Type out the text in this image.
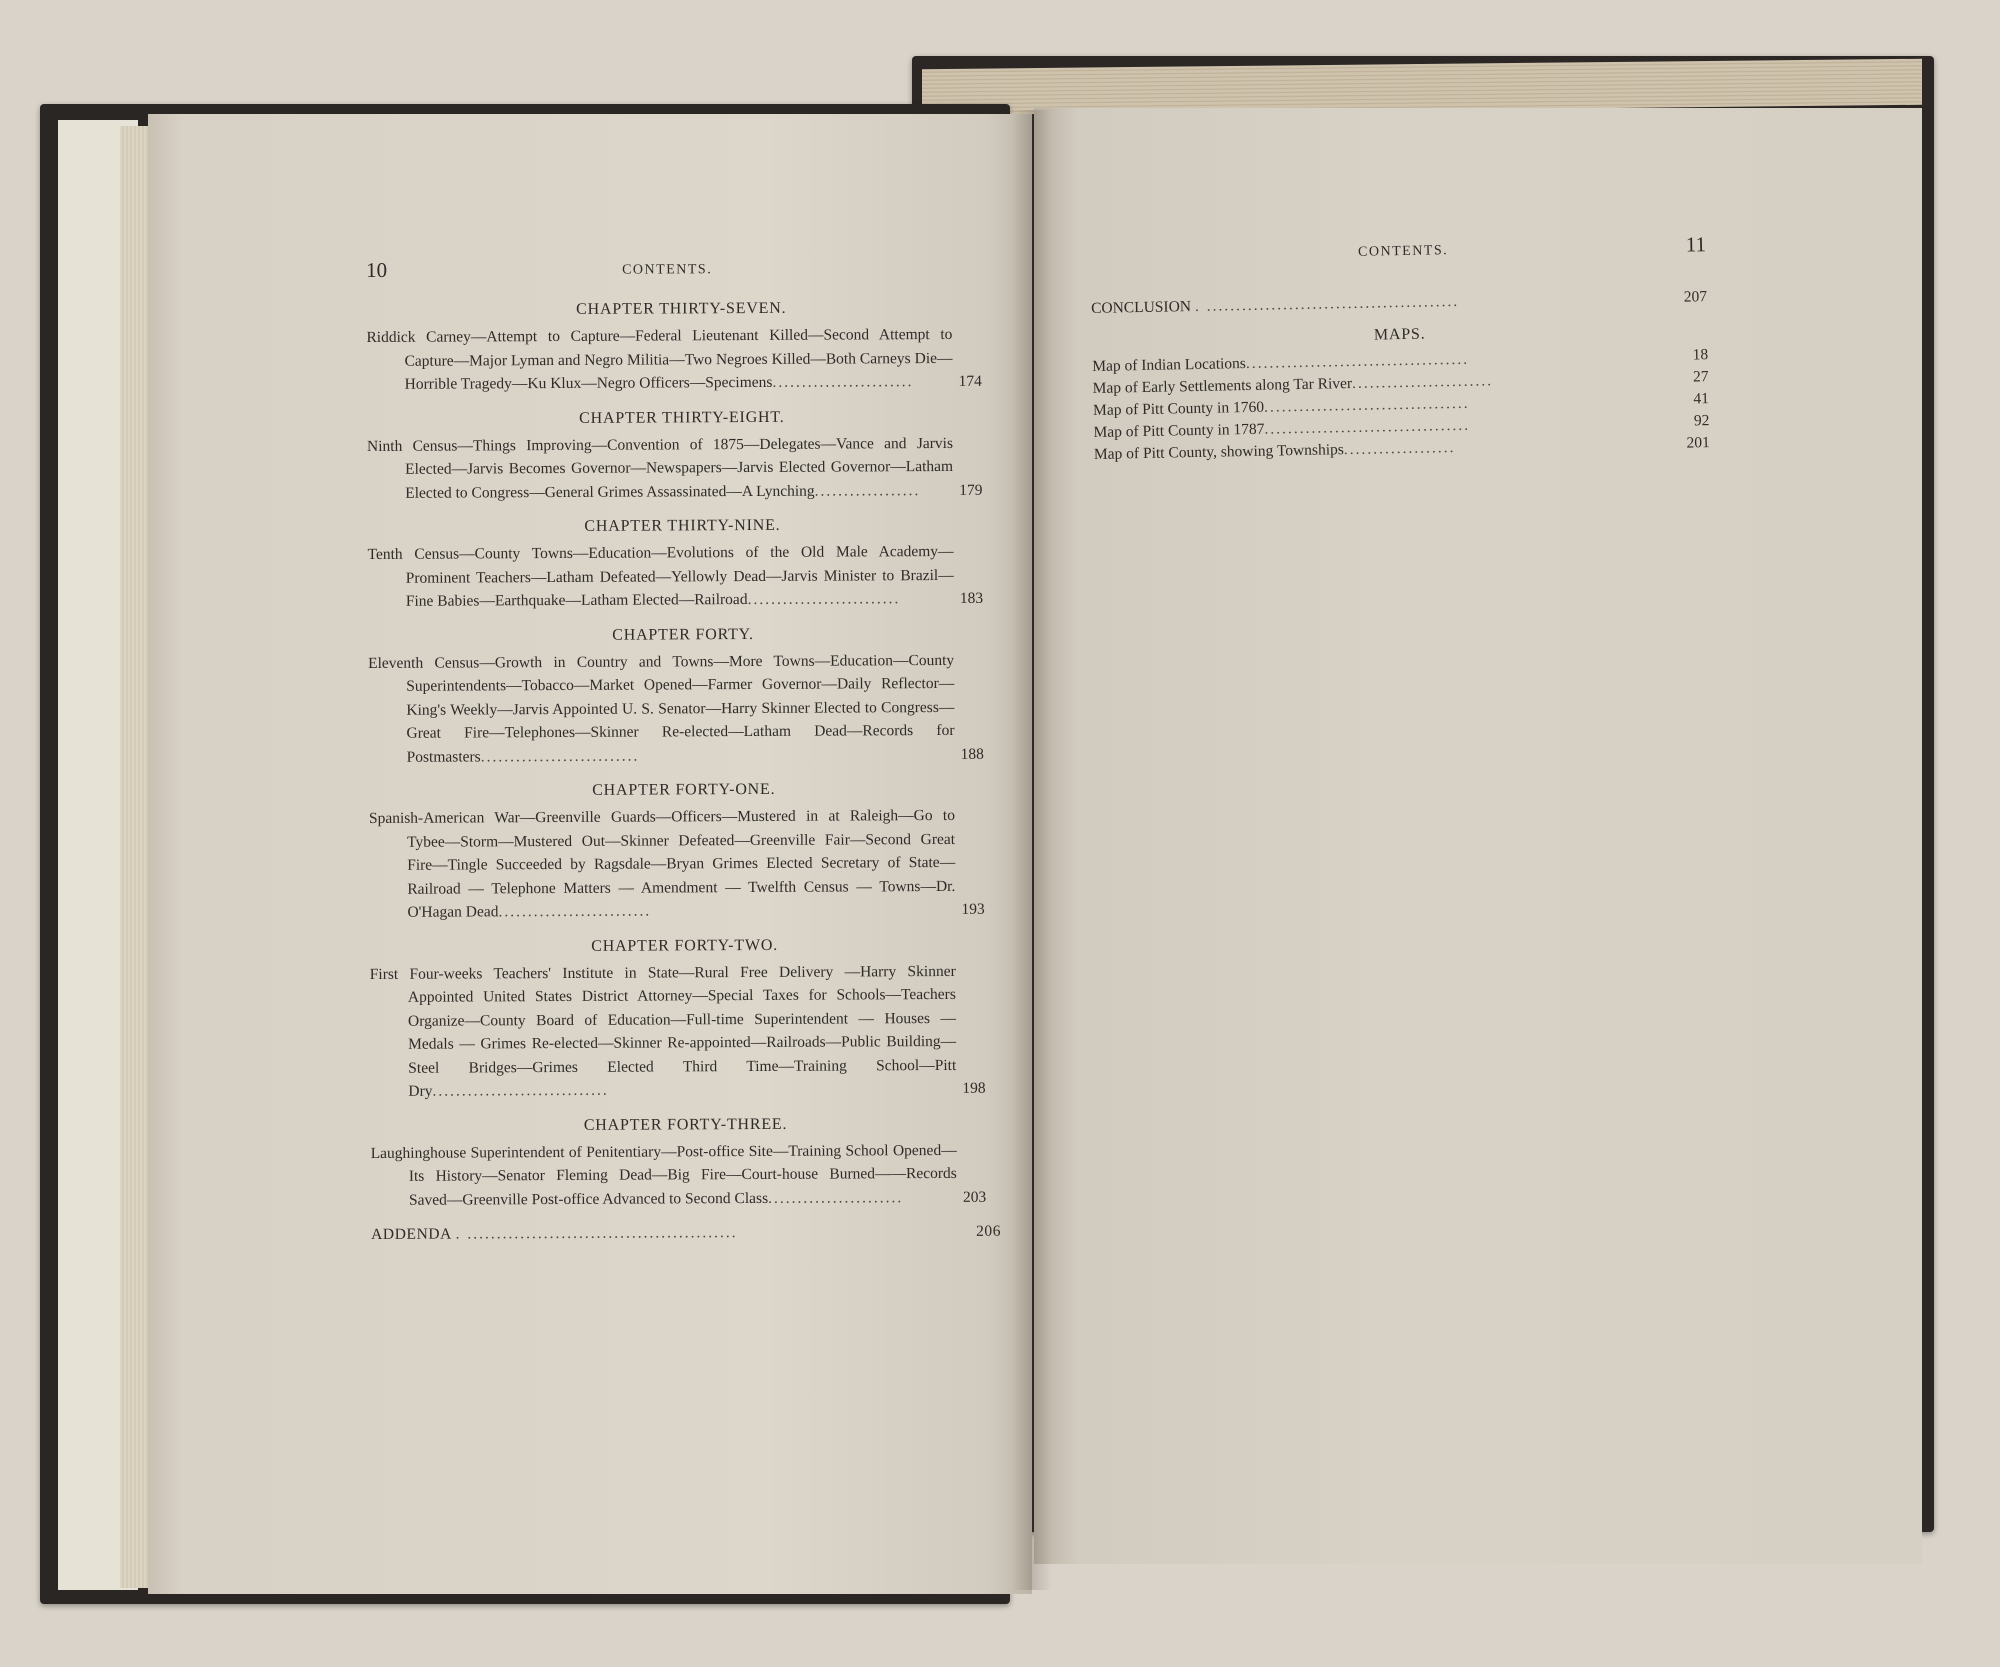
10	CONTENTS.
CHAPTER THIRTY-SEVEN.
Riddick Carney—Attempt to Capture—Federal Lieutenant Killed—Second Attempt to Capture—Major Lyman and Negro Militia—Two Negroes Killed—Both Carneys Die—Horrible Tragedy—Ku Klux—Negro Officers—Specimens........................	174
CHAPTER THIRTY-EIGHT.
Ninth Census—Things Improving—Convention of 1875—Delegates—Vance and Jarvis Elected—Jarvis Becomes Governor—Newspapers—Jarvis Elected Governor—Latham Elected to Congress—General Grimes Assassinated—A Lynching..................	179
CHAPTER THIRTY-NINE.
Tenth Census—County Towns—Education—Evolutions of the Old Male Academy—Prominent Teachers—Latham Defeated—Yellowly Dead—Jarvis Minister to Brazil—Fine Babies—Earthquake—Latham Elected—Railroad..........................	183
CHAPTER FORTY.
Eleventh Census—Growth in Country and Towns—More Towns—Education—County Superintendents—Tobacco—Market Opened—Farmer Governor—Daily Reflector—King's Weekly—Jarvis Appointed U. S. Senator—Harry Skinner Elected to Congress—Great Fire—Telephones—Skinner Re-elected—Latham Dead—Records for Postmasters...........................	188
CHAPTER FORTY-ONE.
Spanish-American War—Greenville Guards—Officers—Mustered in at Raleigh—Go to Tybee—Storm—Mustered Out—Skinner Defeated—Greenville Fair—Second Great Fire—Tingle Succeeded by Ragsdale—Bryan Grimes Elected Secretary of State—Railroad — Telephone Matters — Amendment — Twelfth Census — Towns—Dr. O'Hagan Dead..........................	193
CHAPTER FORTY-TWO.
First Four-weeks Teachers' Institute in State—Rural Free Delivery —Harry Skinner Appointed United States District Attorney—Special Taxes for Schools—Teachers Organize—County Board of Education—Full-time Superintendent — Houses — Medals — Grimes Re-elected—Skinner Re-appointed—Railroads—Public Building—Steel Bridges—Grimes Elected Third Time—Training School—Pitt Dry..............................	198
CHAPTER FORTY-THREE.
Laughinghouse Superintendent of Penitentiary—Post-office Site—Training School Opened—Its History—Senator Fleming Dead—Big Fire—Court-house Burned——Records Saved—Greenville Post-office Advanced to Second Class.......................	203
ADDENDA . ..............................................	206
CONTENTS.	11
CONCLUSION . ...........................................	207
MAPS.
Map of Indian Locations......................................	18
Map of Early Settlements along Tar River........................	27
Map of Pitt County in 1760...................................	41
Map of Pitt County in 1787...................................	92
Map of Pitt County, showing Townships...................	201
